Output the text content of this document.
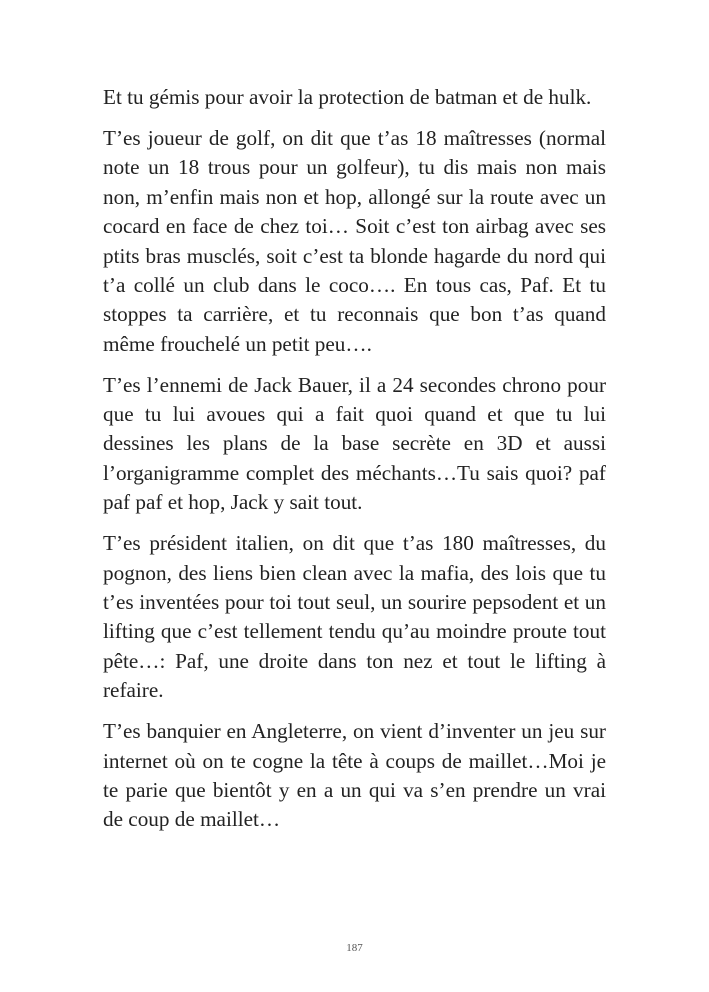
Et tu gémis pour avoir la protection de batman et de hulk.

T’es joueur de golf, on dit que t’as 18 maîtresses (normal note un 18 trous pour un golfeur), tu dis mais non mais non, m’enfin mais non et hop, allongé sur la route avec un cocard en face de chez toi… Soit c’est ton airbag avec ses ptits bras musclés, soit c’est ta blonde hagarde du nord qui t’a collé un club dans le coco…. En tous cas, Paf. Et tu stoppes ta carrière, et tu reconnais que bon t’as quand même frouchelé un petit peu….

T’es l’ennemi de Jack Bauer, il a 24 secondes chrono pour que tu lui avoues qui a fait quoi quand et que tu lui dessines les plans de la base secrète en 3D et aussi l’organigramme complet des méchants…Tu sais quoi? paf paf paf et hop, Jack y sait tout.

T’es président italien, on dit que t’as 180 maîtresses, du pognon, des liens bien clean avec la mafia, des lois que tu t’es inventées pour toi tout seul, un sourire pepsodent et un lifting que c’est tellement tendu qu’au moindre proute tout pête…: Paf, une droite dans ton nez et tout le lifting à refaire.

T’es banquier en Angleterre, on vient d’inventer un jeu sur internet où on te cogne la tête à coups de maillet…Moi je te parie que bientôt y en a un qui va s’en prendre un vrai de coup de maillet…

187
